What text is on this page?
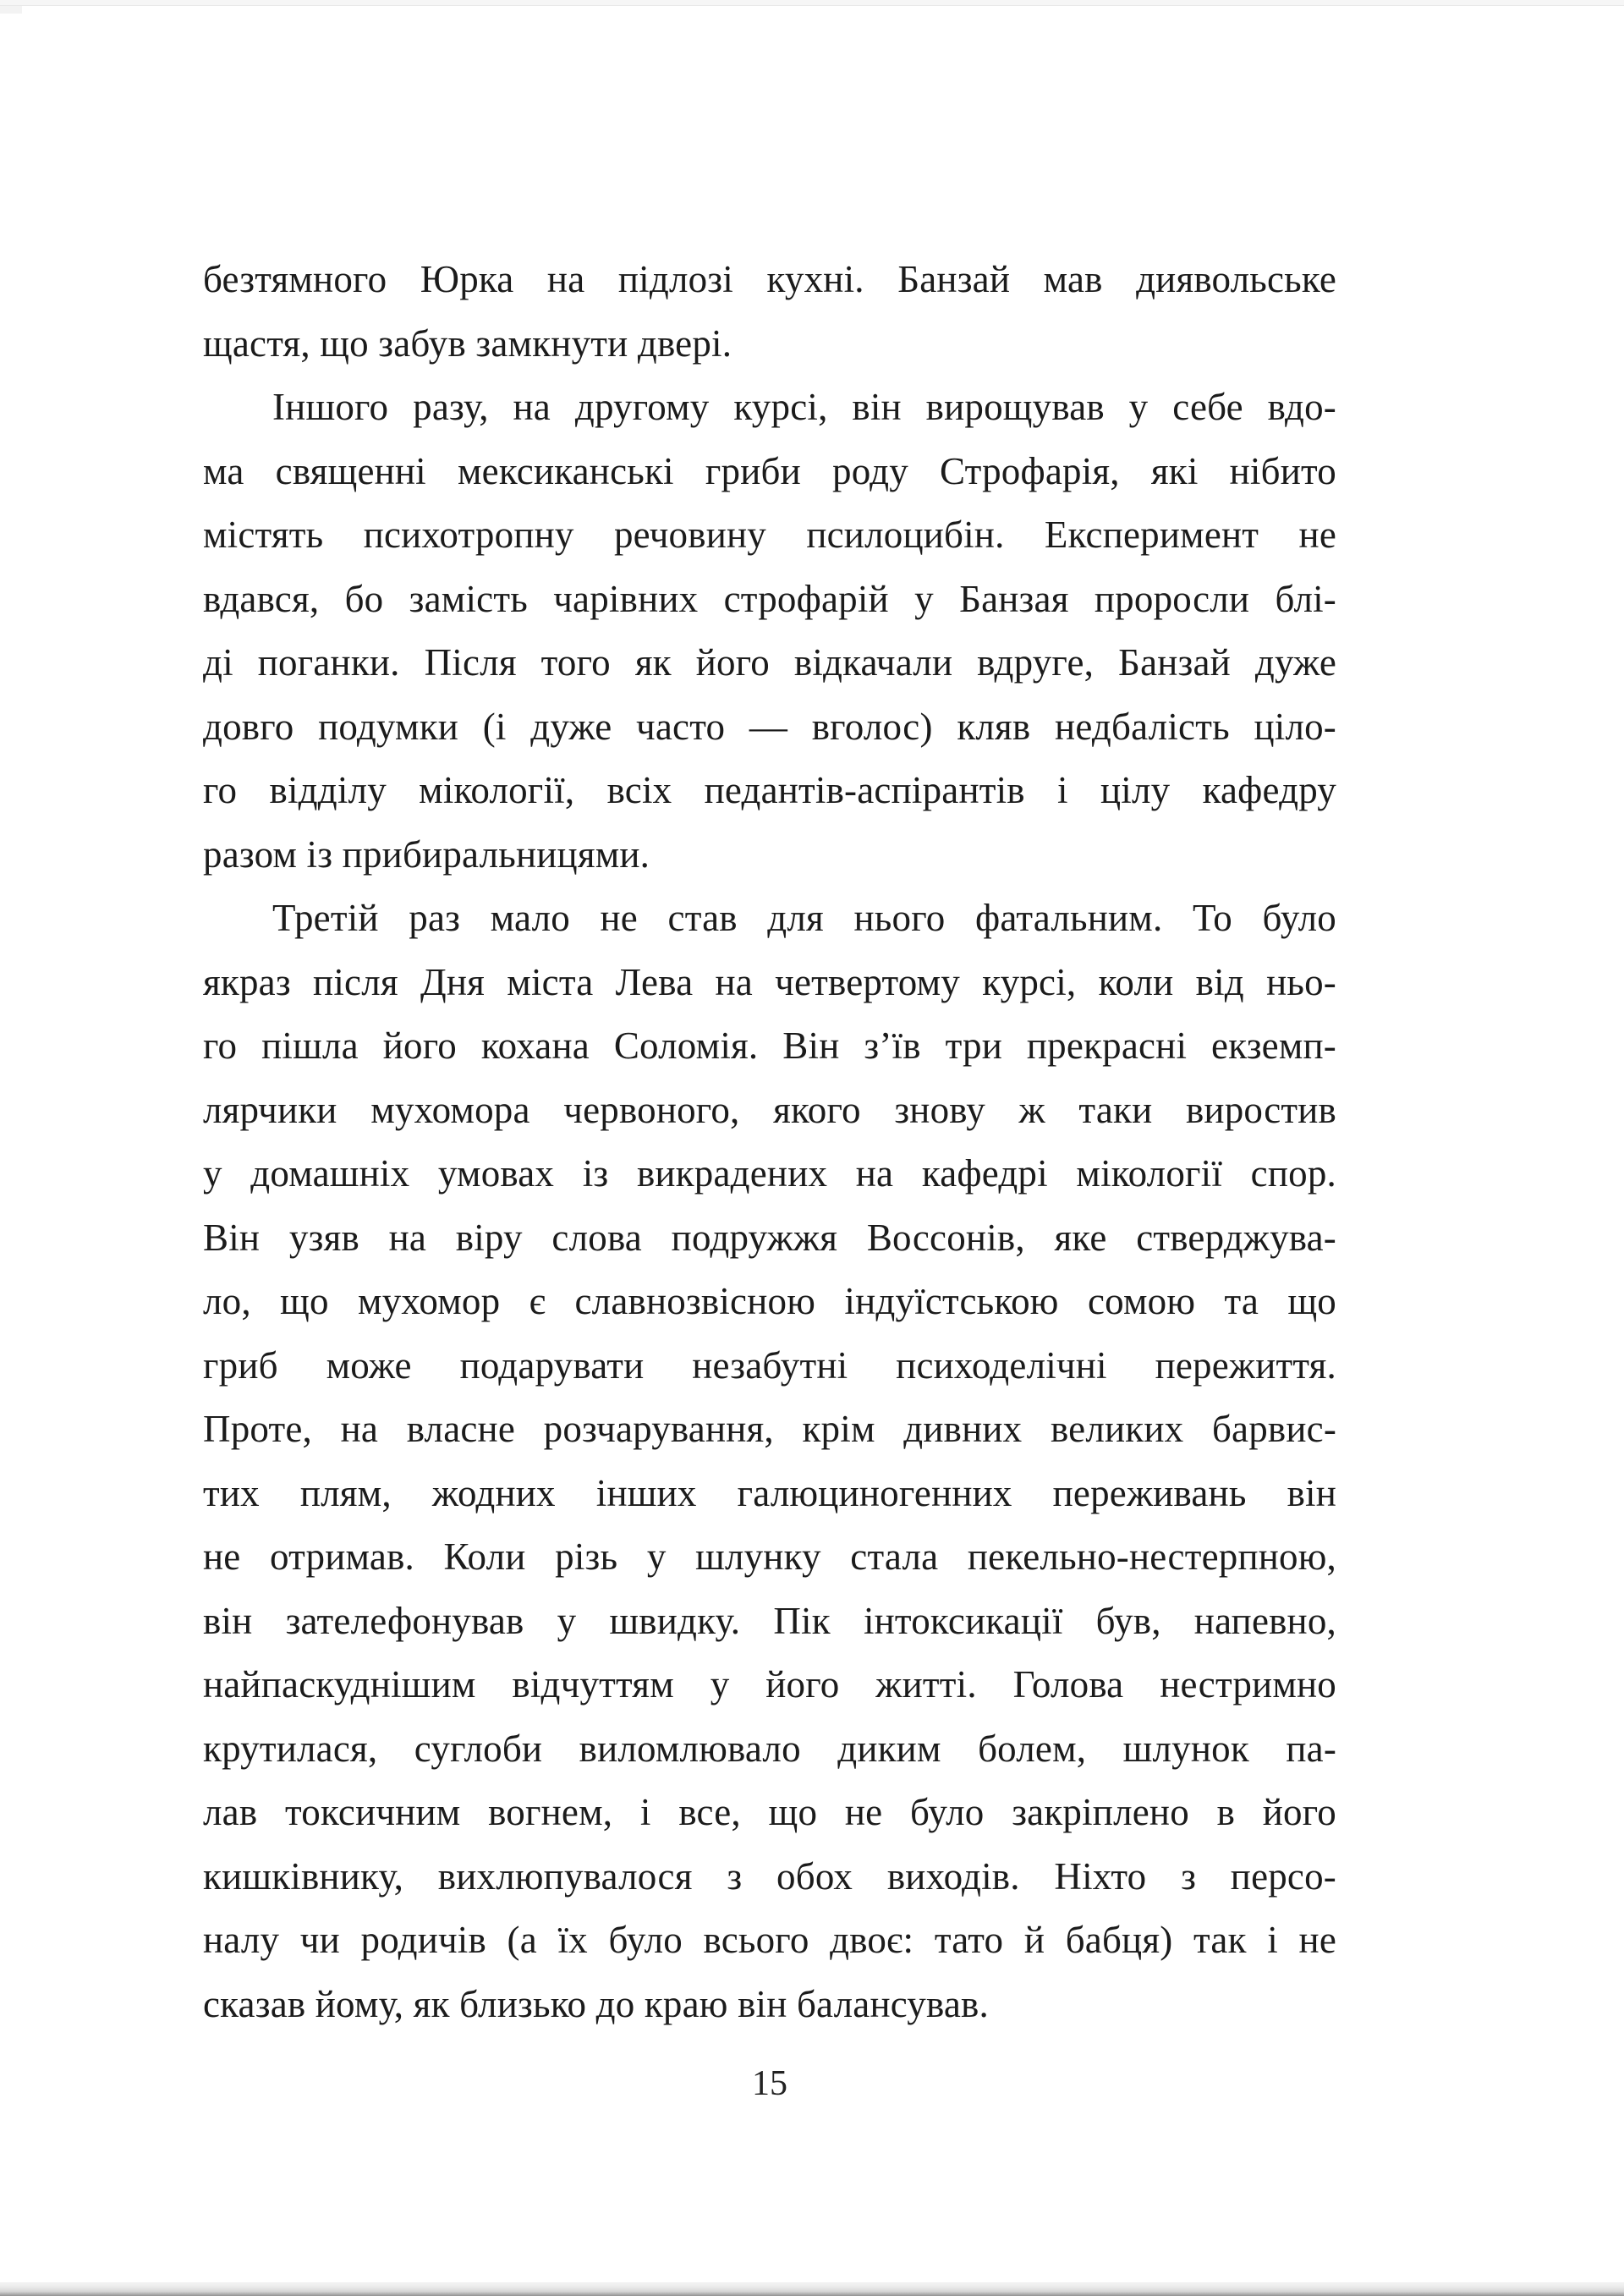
безтямного Юрка на підлозі кухні. Банзай мав диявольське
щастя, що забув замкнути двері.
Іншого разу, на другому курсі, він вирощував у себе вдо-
ма священні мексиканські гриби роду Строфарія, які нібито
містять психотропну речовину псилоцибін. Експеримент не
вдався, бо замість чарівних строфарій у Банзая проросли блі-
ді поганки. Після того як його відкачали вдруге, Банзай дуже
довго подумки (і дуже часто — вголос) кляв недбалість ціло-
го відділу мікології, всіх педантів-аспірантів і цілу кафедру
разом із прибиральницями.
Третій раз мало не став для нього фатальним. То було
якраз після Дня міста Лева на четвертому курсі, коли від ньо-
го пішла його кохана Соломія. Він з’їв три прекрасні екземп-
лярчики мухомора червоного, якого знову ж таки виростив
у домашніх умовах із викрадених на кафедрі мікології спор.
Він узяв на віру слова подружжя Воссонів, яке стверджува-
ло, що мухомор є славнозвісною індуїстською сомою та що
гриб може подарувати незабутні психоделічні пережиття.
Проте, на власне розчарування, крім дивних великих барвис-
тих плям, жодних інших галюциногенних переживань він
не отримав. Коли різь у шлунку стала пекельно-нестерпною,
він зателефонував у швидку. Пік інтоксикації був, напевно,
найпаскуднішим відчуттям у його житті. Голова нестримно
крутилася, суглоби виломлювало диким болем, шлунок па-
лав токсичним вогнем, і все, що не було закріплено в його
кишківнику, вихлюпувалося з обох виходів. Ніхто з персо-
налу чи родичів (а їх було всього двоє: тато й бабця) так і не
сказав йому, як близько до краю він балансував.
15
